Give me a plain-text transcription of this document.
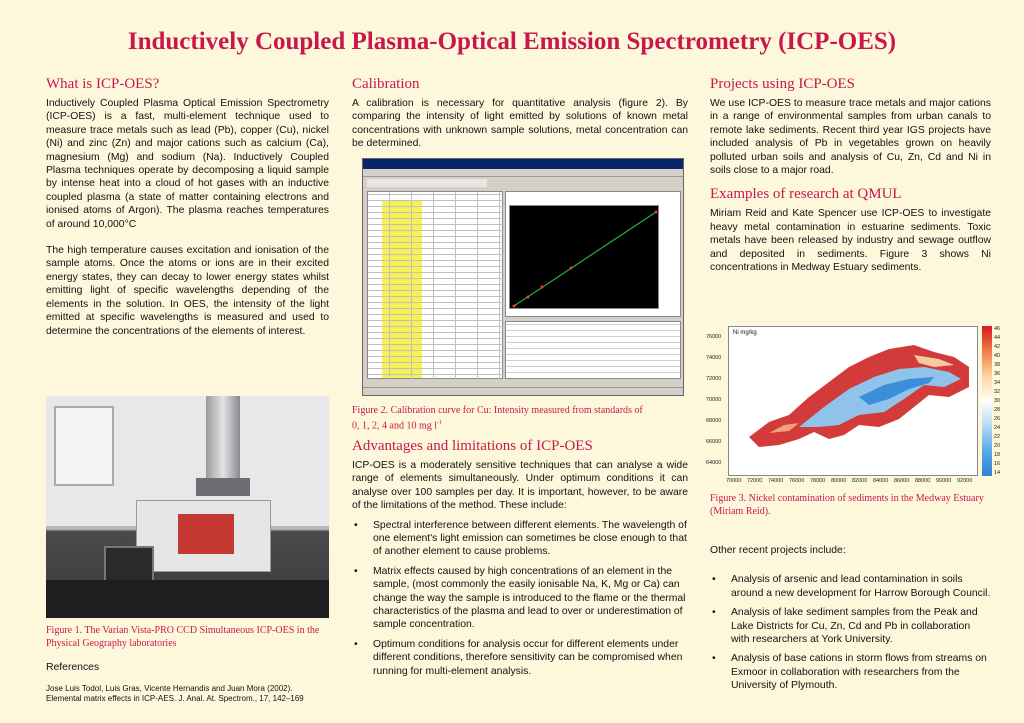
Inductively Coupled Plasma-Optical Emission Spectrometry (ICP-OES)
What is ICP-OES?

Inductively Coupled Plasma Optical Emission Spectrometry (ICP-OES) is a fast, multi-element technique used to measure trace metals such as lead (Pb), copper (Cu), nickel (Ni) and zinc (Zn) and major cations such as calcium (Ca), magnesium (Mg) and sodium (Na). Inductively Coupled Plasma techniques operate by decomposing a liquid sample by intense heat into a cloud of hot gases with an inductive coupled plasma (a state of matter containing electrons and ionised atoms of Argon). The plasma reaches temperatures of around 10,000°C

The high temperature causes excitation and ionisation of the sample atoms. Once the atoms or ions are in their excited energy states, they can decay to lower energy states whilst emitting light of specific wavelengths depending of the elements in the solution. In OES, the intensity of the light emitted at specific wavelengths is measured and used to determine the concentrations of the elements of interest.

Figure 1. The Varian Vista-PRO CCD Simultaneous ICP-OES in the Physical Geography laboratories
References
Jose Luis Todol, Luis Gras, Vicente Hernandis and Juan Mora (2002). Elemental matrix effects in ICP-AES. J. Anal. At. Spectrom., 17, 142–169
Calibration

A calibration is necessary for quantitative analysis (figure 2). By comparing the intensity of light emitted by solutions of known metal concentrations with unknown sample solutions, metal concentration can be determined.

Figure 2. Calibration curve for Cu: Intensity measured from standards of
0, 1, 2, 4 and 10 mg $l^{-1}$
Advantages and limitations of ICP-OES

ICP-OES is a moderately sensitive techniques that can analyse a wide range of elements simultaneously. Under optimum conditions it can analyse over 100 samples per day. It is important, however, to be aware of the limitations of the method. These include:

• Spectral interference between different elements. The wavelength of one element's light emission can sometimes be close enough to that of another element to cause problems.
• Matrix effects caused by high concentrations of an element in the sample, (most commonly the easily ionisable Na, K, Mg or Ca) can change the way the sample is introduced to the flame or the thermal characteristics of the plasma and lead to over or underestimation of sample concentration.
• Optimum conditions for analysis occur for different elements under different conditions, therefore sensitivity can be compromised when running for multi-element analysis.
Projects using ICP-OES

We use ICP-OES to measure trace metals and major cations in a range of environmental samples from urban canals to remote lake sediments. Recent third year IGS projects have included analysis of Pb in vegetables grown on heavily polluted urban soils and analysis of Cu, Zn, Cd and Ni in soils close to a major road.

Examples of research at QMUL

Miriam Reid and Kate Spencer use ICP-OES to investigate heavy metal contamination in estuarine sediments. Toxic metals have been released by industry and sewage outflow and deposited in sediments. Figure 3 shows Ni concentrations in Medway Estuary sediments.

Ni mg/kg
76000
74000
72000
70000
68000
66000
64000
70000 72000 74000 76000 78000 80000 82000 84000 86000 88000 90000 92000
46
44
42
40
38
36
34
32
30
28
26
24
22
20
18
16
14
Figure 3. Nickel contamination of sediments in the Medway Estuary (Miriam Reid).

Other recent projects include:

• Analysis of arsenic and lead contamination in soils around a new development for Harrow Borough Council.
• Analysis of lake sediment samples from the Peak and Lake Districts for Cu, Zn, Cd and Pb in collaboration with researchers at York University.
• Analysis of base cations in storm flows from streams on Exmoor in collaboration with researchers from the University of Plymouth.
